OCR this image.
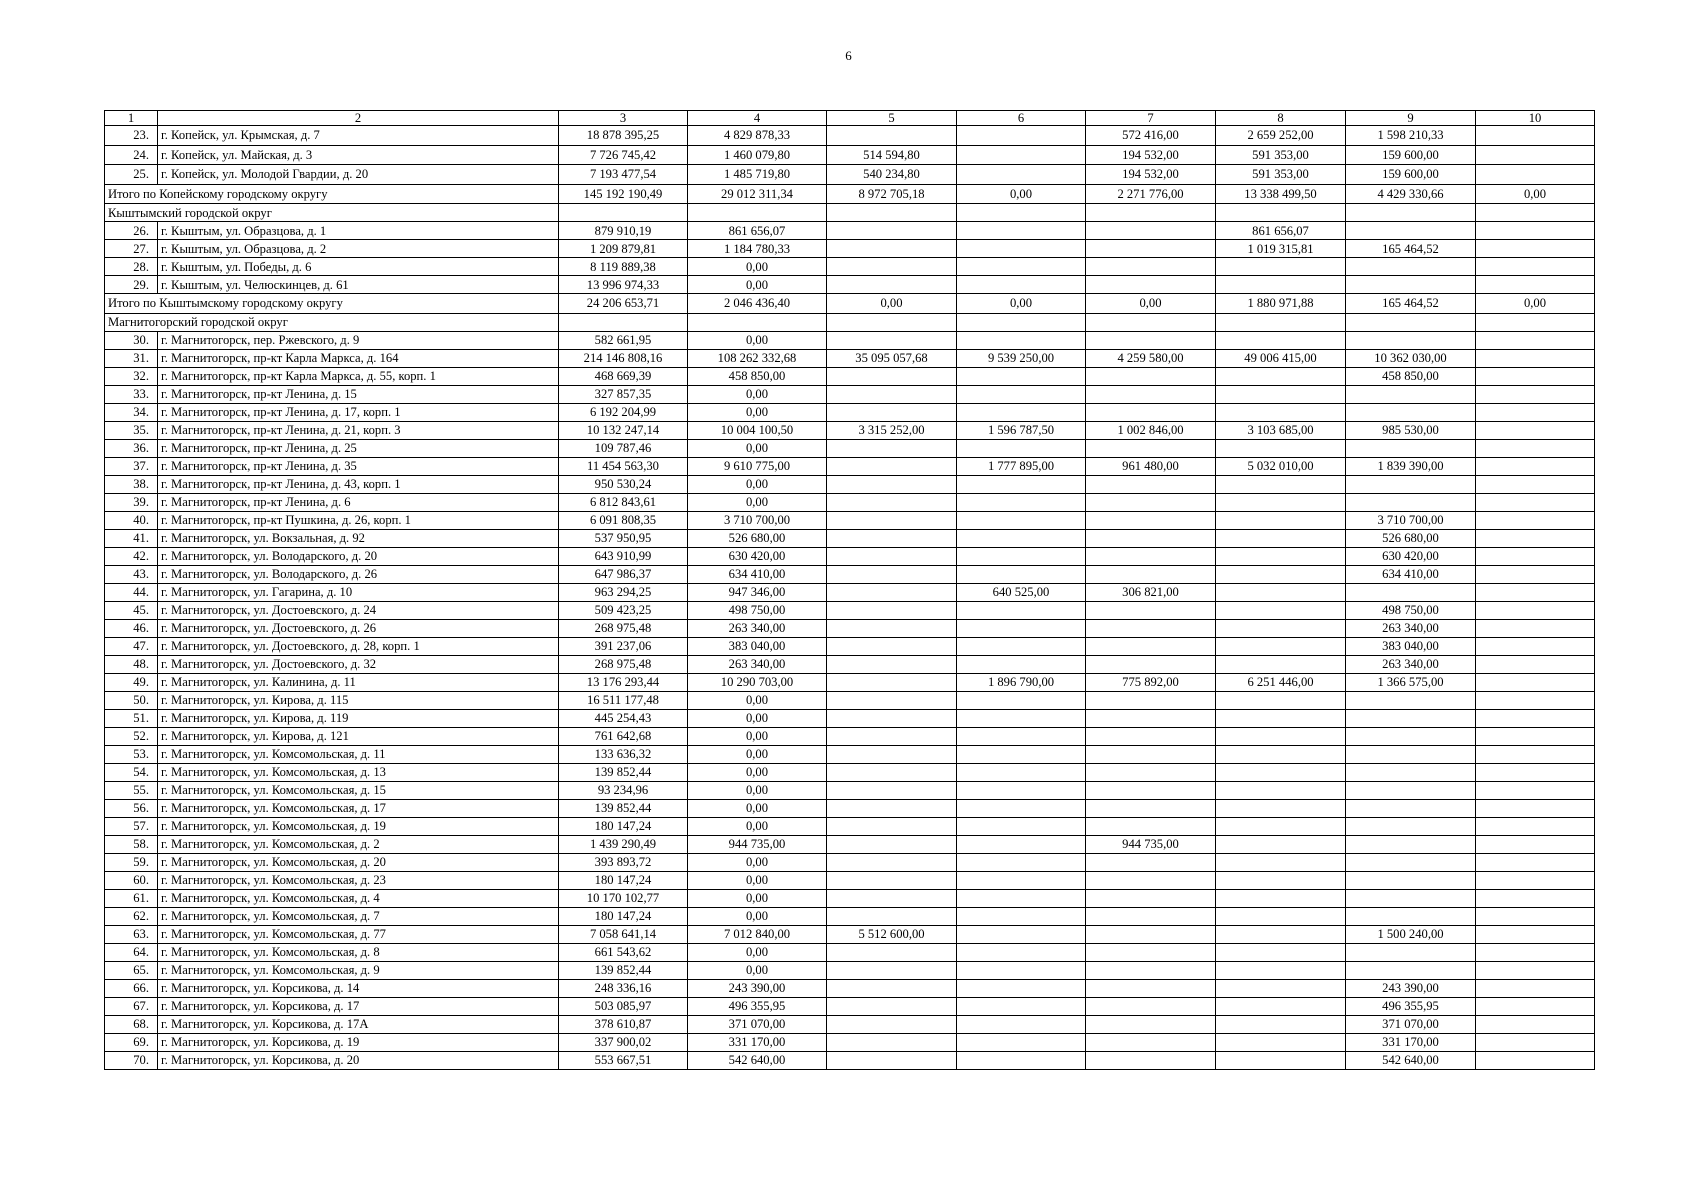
6
1	2	3	4	5	6	7	8	9	10
23.	г. Копейск, ул. Крымская, д. 7	18 878 395,25	4 829 878,33			572 416,00	2 659 252,00	1 598 210,33	
24.	г. Копейск, ул. Майская, д. 3	7 726 745,42	1 460 079,80	514 594,80		194 532,00	591 353,00	159 600,00	
25.	г. Копейск, ул. Молодой Гвардии, д. 20	7 193 477,54	1 485 719,80	540 234,80		194 532,00	591 353,00	159 600,00	
Итого по Копейскому городскому округу		145 192 190,49	29 012 311,34	8 972 705,18	0,00	2 271 776,00	13 338 499,50	4 429 330,66	0,00
Кыштымский городской округ									
26.	г. Кыштым, ул. Образцова, д. 1	879 910,19	861 656,07				861 656,07		
27.	г. Кыштым, ул. Образцова, д. 2	1 209 879,81	1 184 780,33				1 019 315,81	165 464,52	
28.	г. Кыштым, ул. Победы, д. 6	8 119 889,38	0,00						
29.	г. Кыштым, ул. Челюскинцев, д. 61	13 996 974,33	0,00						
Итого по Кыштымскому городскому округу		24 206 653,71	2 046 436,40	0,00	0,00	0,00	1 880 971,88	165 464,52	0,00
Магнитогорский городской округ									
30.	г. Магнитогорск, пер. Ржевского, д. 9	582 661,95	0,00						
31.	г. Магнитогорск, пр-кт Карла Маркса, д. 164	214 146 808,16	108 262 332,68	35 095 057,68	9 539 250,00	4 259 580,00	49 006 415,00	10 362 030,00	
32.	г. Магнитогорск, пр-кт Карла Маркса, д. 55, корп. 1	468 669,39	458 850,00					458 850,00	
33.	г. Магнитогорск, пр-кт Ленина, д. 15	327 857,35	0,00						
34.	г. Магнитогорск, пр-кт Ленина, д. 17, корп. 1	6 192 204,99	0,00						
35.	г. Магнитогорск, пр-кт Ленина, д. 21, корп. 3	10 132 247,14	10 004 100,50	3 315 252,00	1 596 787,50	1 002 846,00	3 103 685,00	985 530,00	
36.	г. Магнитогорск, пр-кт Ленина, д. 25	109 787,46	0,00						
37.	г. Магнитогорск, пр-кт Ленина, д. 35	11 454 563,30	9 610 775,00		1 777 895,00	961 480,00	5 032 010,00	1 839 390,00	
38.	г. Магнитогорск, пр-кт Ленина, д. 43, корп. 1	950 530,24	0,00						
39.	г. Магнитогорск, пр-кт Ленина, д. 6	6 812 843,61	0,00						
40.	г. Магнитогорск, пр-кт Пушкина, д. 26, корп. 1	6 091 808,35	3 710 700,00					3 710 700,00	
41.	г. Магнитогорск, ул. Вокзальная, д. 92	537 950,95	526 680,00					526 680,00	
42.	г. Магнитогорск, ул. Володарского, д. 20	643 910,99	630 420,00					630 420,00	
43.	г. Магнитогорск, ул. Володарского, д. 26	647 986,37	634 410,00					634 410,00	
44.	г. Магнитогорск, ул. Гагарина, д. 10	963 294,25	947 346,00		640 525,00	306 821,00			
45.	г. Магнитогорск, ул. Достоевского, д. 24	509 423,25	498 750,00					498 750,00	
46.	г. Магнитогорск, ул. Достоевского, д. 26	268 975,48	263 340,00					263 340,00	
47.	г. Магнитогорск, ул. Достоевского, д. 28, корп. 1	391 237,06	383 040,00					383 040,00	
48.	г. Магнитогорск, ул. Достоевского, д. 32	268 975,48	263 340,00					263 340,00	
49.	г. Магнитогорск, ул. Калинина, д. 11	13 176 293,44	10 290 703,00		1 896 790,00	775 892,00	6 251 446,00	1 366 575,00	
50.	г. Магнитогорск, ул. Кирова, д. 115	16 511 177,48	0,00						
51.	г. Магнитогорск, ул. Кирова, д. 119	445 254,43	0,00						
52.	г. Магнитогорск, ул. Кирова, д. 121	761 642,68	0,00						
53.	г. Магнитогорск, ул. Комсомольская, д. 11	133 636,32	0,00						
54.	г. Магнитогорск, ул. Комсомольская, д. 13	139 852,44	0,00						
55.	г. Магнитогорск, ул. Комсомольская, д. 15	93 234,96	0,00						
56.	г. Магнитогорск, ул. Комсомольская, д. 17	139 852,44	0,00						
57.	г. Магнитогорск, ул. Комсомольская, д. 19	180 147,24	0,00						
58.	г. Магнитогорск, ул. Комсомольская, д. 2	1 439 290,49	944 735,00			944 735,00			
59.	г. Магнитогорск, ул. Комсомольская, д. 20	393 893,72	0,00						
60.	г. Магнитогорск, ул. Комсомольская, д. 23	180 147,24	0,00						
61.	г. Магнитогорск, ул. Комсомольская, д. 4	10 170 102,77	0,00						
62.	г. Магнитогорск, ул. Комсомольская, д. 7	180 147,24	0,00						
63.	г. Магнитогорск, ул. Комсомольская, д. 77	7 058 641,14	7 012 840,00	5 512 600,00				1 500 240,00	
64.	г. Магнитогорск, ул. Комсомольская, д. 8	661 543,62	0,00						
65.	г. Магнитогорск, ул. Комсомольская, д. 9	139 852,44	0,00						
66.	г. Магнитогорск, ул. Корсикова, д. 14	248 336,16	243 390,00					243 390,00	
67.	г. Магнитогорск, ул. Корсикова, д. 17	503 085,97	496 355,95					496 355,95	
68.	г. Магнитогорск, ул. Корсикова, д. 17А	378 610,87	371 070,00					371 070,00	
69.	г. Магнитогорск, ул. Корсикова, д. 19	337 900,02	331 170,00					331 170,00	
70.	г. Магнитогорск, ул. Корсикова, д. 20	553 667,51	542 640,00					542 640,00	
